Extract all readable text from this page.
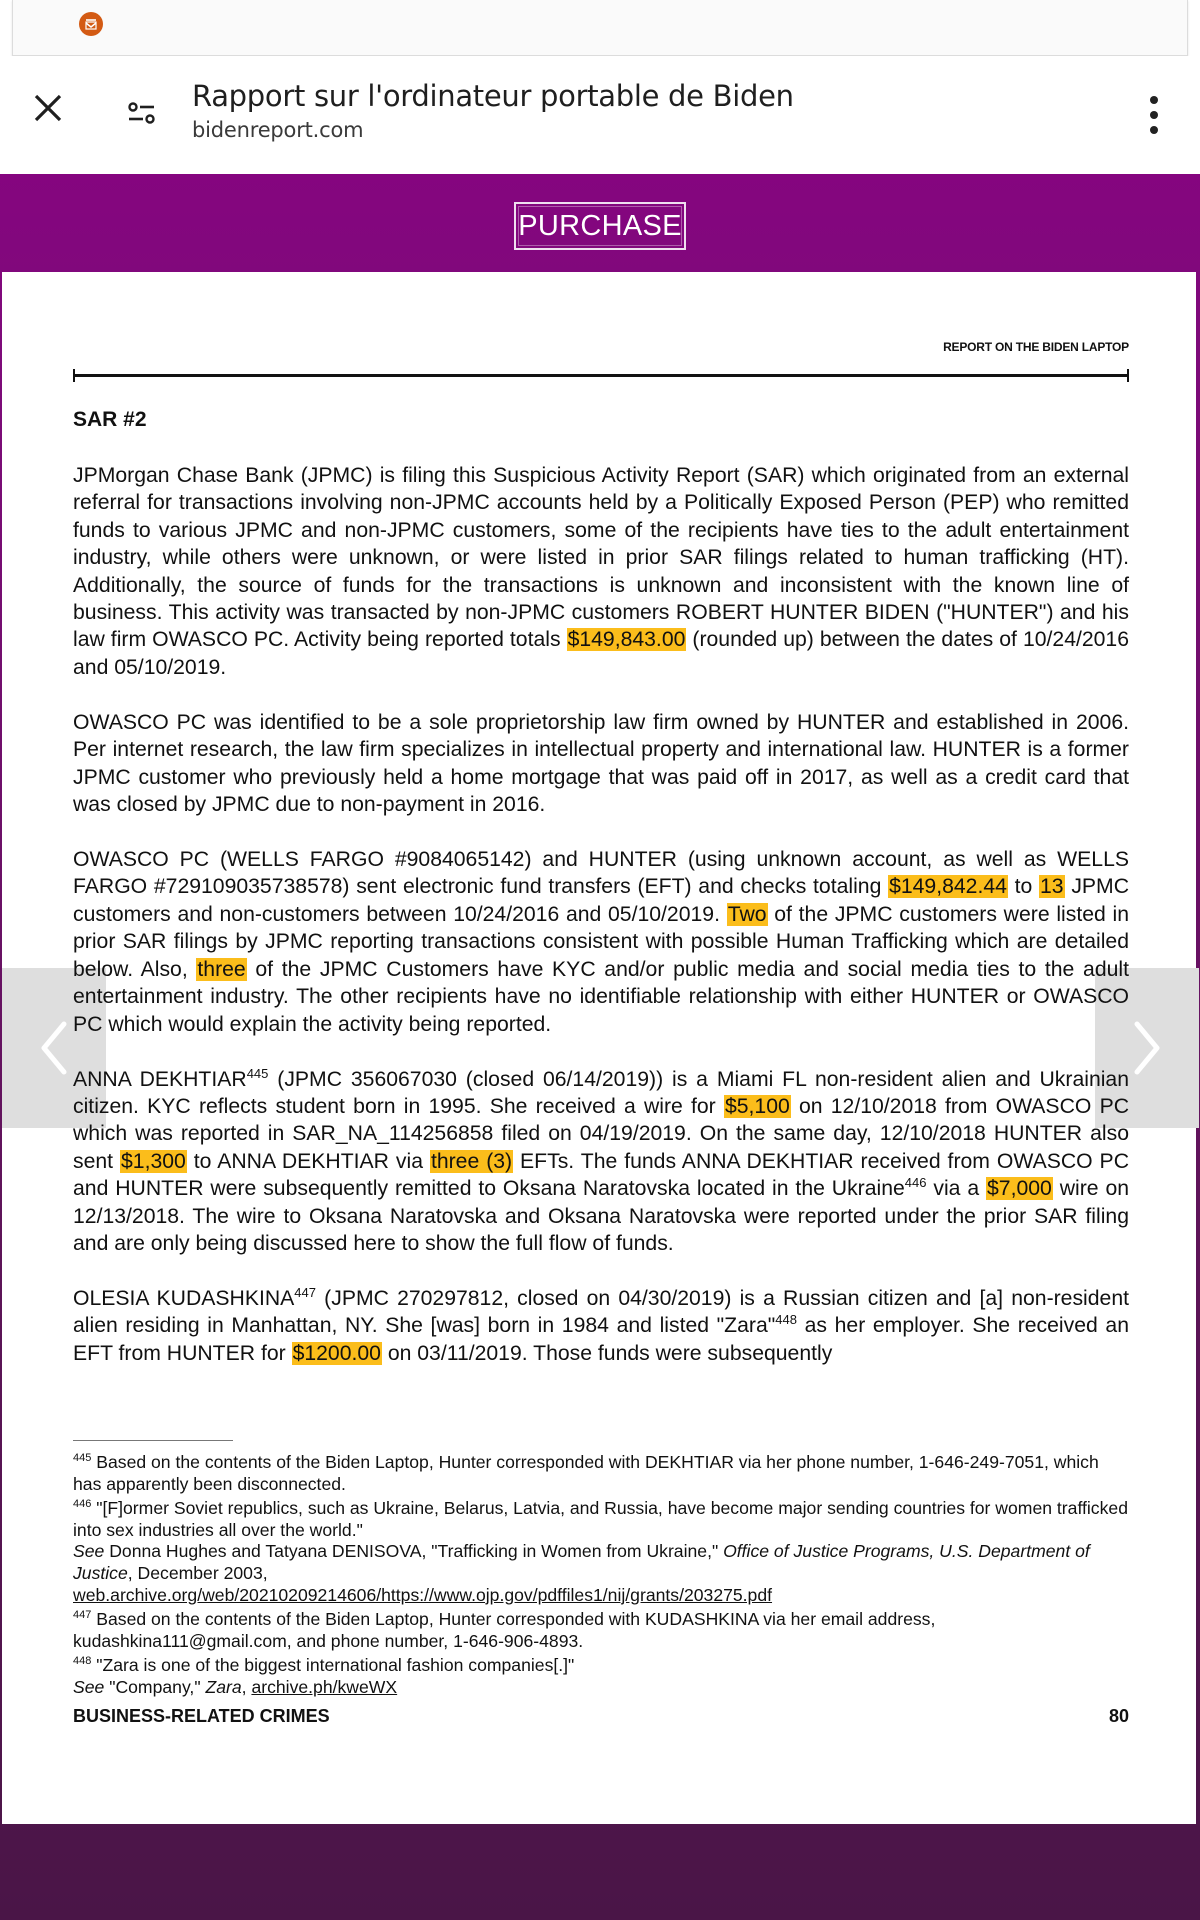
Rapport sur l'ordinateur portable de Biden
bidenreport.com
PURCHASE
REPORT ON THE BIDEN LAPTOP
SAR #2

JPMorgan Chase Bank (JPMC) is filing this Suspicious Activity Report (SAR) which originated from an external referral for transactions involving non-JPMC accounts held by a Politically Exposed Person (PEP) who remitted funds to various JPMC and non-JPMC customers, some of the recipients have ties to the adult entertainment industry, while others were unknown, or were listed in prior SAR filings related to human trafficking (HT). Additionally, the source of funds for the transactions is unknown and inconsistent with the known line of business. This activity was transacted by non-JPMC customers ROBERT HUNTER BIDEN ("HUNTER") and his law firm OWASCO PC. Activity being reported totals $149,843.00 (rounded up) between the dates of 10/24/2016 and 05/10/2019.

OWASCO PC was identified to be a sole proprietorship law firm owned by HUNTER and established in 2006. Per internet research, the law firm specializes in intellectual property and international law. HUNTER is a former JPMC customer who previously held a home mortgage that was paid off in 2017, as well as a credit card that was closed by JPMC due to non-payment in 2016.

OWASCO PC (WELLS FARGO #9084065142) and HUNTER (using unknown account, as well as WELLS FARGO #729109035738578) sent electronic fund transfers (EFT) and checks totaling $149,842.44 to 13 JPMC customers and non-customers between 10/24/2016 and 05/10/2019. Two of the JPMC customers were listed in prior SAR filings by JPMC reporting transactions consistent with possible Human Trafficking which are detailed below. Also, three of the JPMC Customers have KYC and/or public media and social media ties to the adult entertainment industry. The other recipients have no identifiable relationship with either HUNTER or OWASCO PC which would explain the activity being reported.

ANNA DEKHTIAR$^{445}$ (JPMC 356067030 (closed 06/14/2019)) is a Miami FL non-resident alien and Ukrainian citizen. KYC reflects student born in 1995. She received a wire for $5,100 on 12/10/2018 from OWASCO PC which was reported in SAR_NA_114256858 filed on 04/19/2019. On the same day, 12/10/2018 HUNTER also sent $1,300 to ANNA DEKHTIAR via three (3) EFTs. The funds ANNA DEKHTIAR received from OWASCO PC and HUNTER were subsequently remitted to Oksana Naratovska located in the Ukraine$^{446}$ via a $7,000 wire on 12/13/2018. The wire to Oksana Naratovska and Oksana Naratovska were reported under the prior SAR filing and are only being discussed here to show the full flow of funds.

OLESIA KUDASHKINA$^{447}$ (JPMC 270297812, closed on 04/30/2019) is a Russian citizen and [a] non-resident alien residing in Manhattan, NY. She [was] born in 1984 and listed "Zara"$^{448}$ as her employer. She received an EFT from HUNTER for $1200.00 on 03/11/2019. Those funds were subsequently

$^{445}$ Based on the contents of the Biden Laptop, Hunter corresponded with DEKHTIAR via her phone number, 1-646-249-7051, which has apparently been disconnected.
$^{446}$ "[F]ormer Soviet republics, such as Ukraine, Belarus, Latvia, and Russia, have become major sending countries for women trafficked into sex industries all over the world."
See Donna Hughes and Tatyana DENISOVA, "Trafficking in Women from Ukraine," Office of Justice Programs, U.S. Department of Justice, December 2003,
web.archive.org/web/20210209214606/https://www.ojp.gov/pdffiles1/nij/grants/203275.pdf
$^{447}$ Based on the contents of the Biden Laptop, Hunter corresponded with KUDASHKINA via her email address, kudashkina111@gmail.com, and phone number, 1-646-906-4893.
$^{448}$ "Zara is one of the biggest international fashion companies[.]"
See "Company," Zara, archive.ph/kweWX
BUSINESS-RELATED CRIMES	80
